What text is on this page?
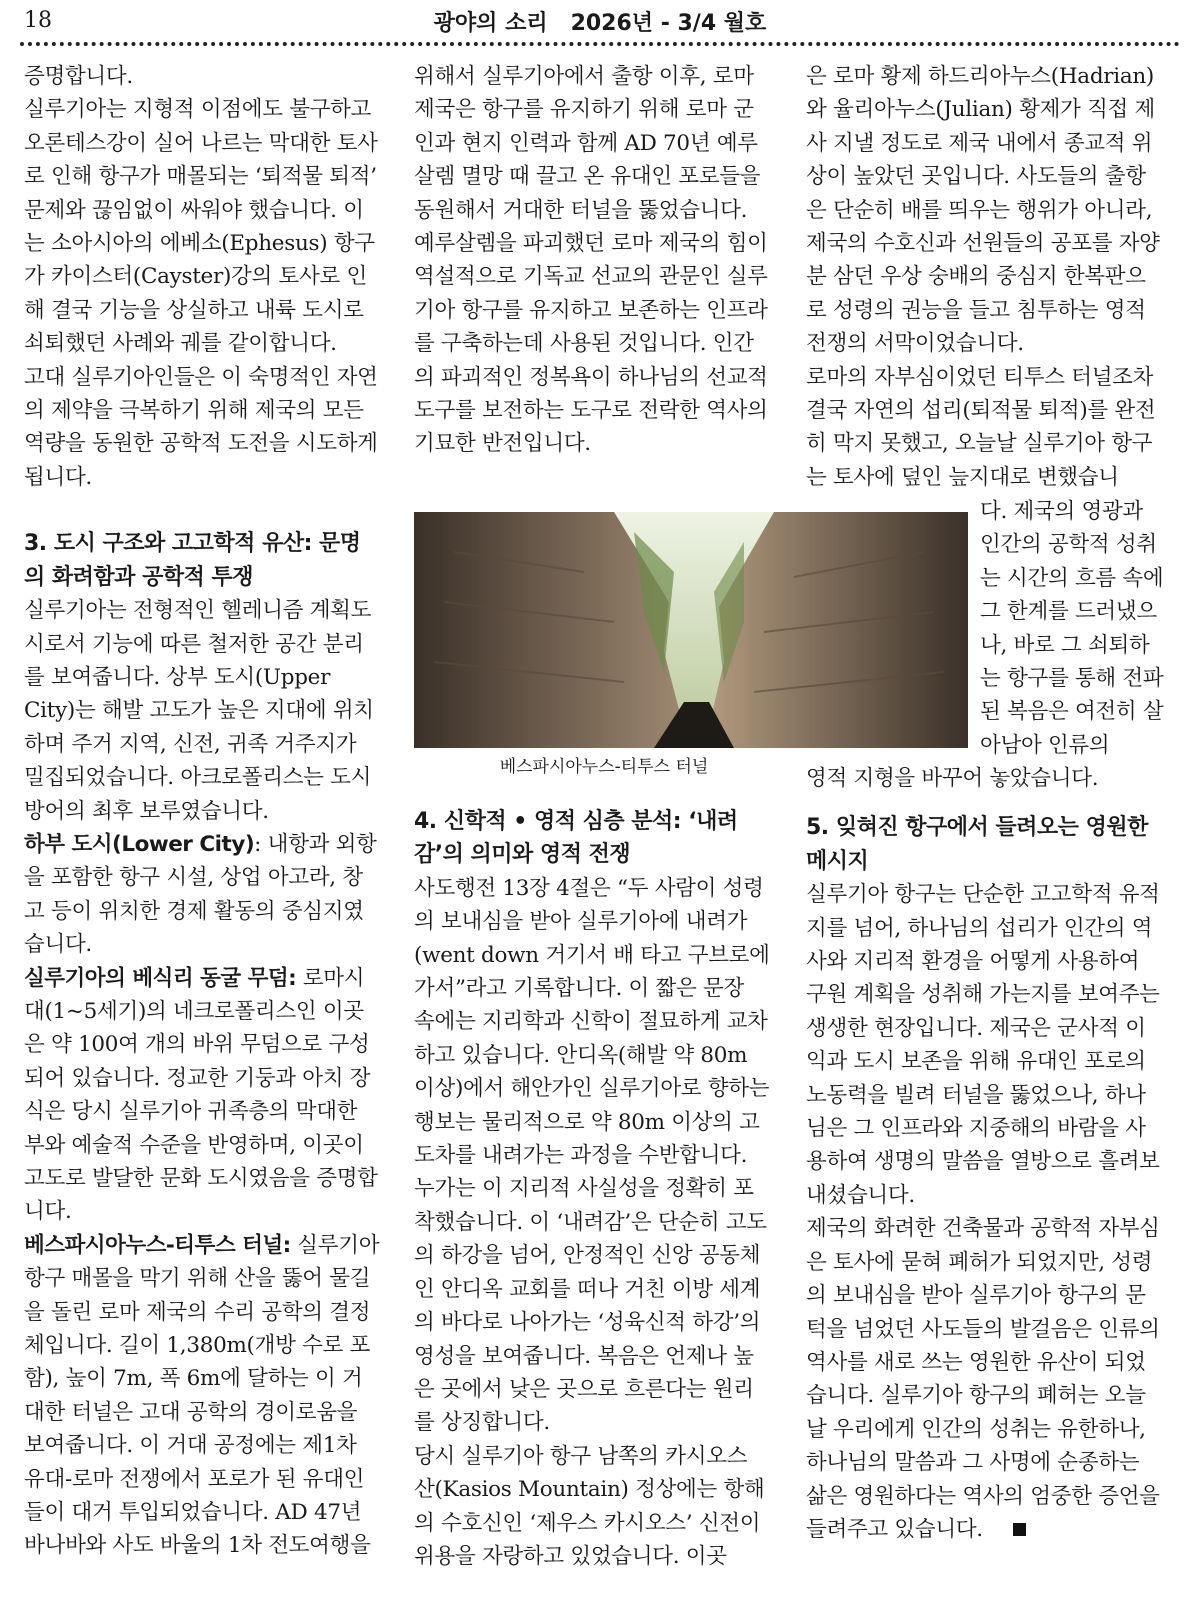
18	광야의 소리   2026년 - 3/4 월호

증명합니다.

실루기아는 지형적 이점에도 불구하고 오론테스강이 실어 나르는 막대한 토사로 인해 항구가 매몰되는 ‘퇴적물 퇴적’ 문제와 끊임없이 싸워야 했습니다. 이는 소아시아의 에베소(Ephesus) 항구가 카이스터(Cayster)강의 토사로 인해 결국 기능을 상실하고 내륙 도시로 쇠퇴했던 사례와 궤를 같이합니다.

고대 실루기아인들은 이 숙명적인 자연의 제약을 극복하기 위해 제국의 모든 역량을 동원한 공학적 도전을 시도하게 됩니다.

3. 도시 구조와 고고학적 유산: 문명의 화려함과 공학적 투쟁

실루기아는 전형적인 헬레니즘 계획도시로서 기능에 따른 철저한 공간 분리를 보여줍니다. 상부 도시(Upper City)는 해발 고도가 높은 지대에 위치하며 주거 지역, 신전, 귀족 거주지가 밀집되었습니다. 아크로폴리스는 도시 방어의 최후 보루였습니다.

하부 도시(Lower City): 내항과 외항을 포함한 항구 시설, 상업 아고라, 창고 등이 위치한 경제 활동의 중심지였습니다.

실루기아의 베식리 동굴 무덤: 로마시대(1~5세기)의 네크로폴리스인 이곳은 약 100여 개의 바위 무덤으로 구성되어 있습니다. 정교한 기둥과 아치 장식은 당시 실루기아 귀족층의 막대한 부와 예술적 수준을 반영하며, 이곳이 고도로 발달한 문화 도시였음을 증명합니다.

베스파시아누스-티투스 터널: 실루기아 항구 매몰을 막기 위해 산을 뚫어 물길을 돌린 로마 제국의 수리 공학의 결정체입니다. 길이 1,380m(개방 수로 포함), 높이 7m, 폭 6m에 달하는 이 거대한 터널은 고대 공학의 경이로움을 보여줍니다. 이 거대 공정에는 제1차 유대-로마 전쟁에서 포로가 된 유대인들이 대거 투입되었습니다. AD 47년 바나바와 사도 바울의 1차 전도여행을

위해서 실루기아에서 출항 이후, 로마 제국은 항구를 유지하기 위해 로마 군인과 현지 인력과 함께 AD 70년 예루살렘 멸망 때 끌고 온 유대인 포로들을 동원해서 거대한 터널을 뚫었습니다. 예루살렘을 파괴했던 로마 제국의 힘이 역설적으로 기독교 선교의 관문인 실루기아 항구를 유지하고 보존하는 인프라를 구축하는데 사용된 것입니다. 인간의 파괴적인 정복욕이 하나님의 선교적 도구를 보전하는 도구로 전락한 역사의 기묘한 반전입니다.

베스파시아누스-티투스 터널
4. 신학적 • 영적 심층 분석: ‘내려감’의 의미와 영적 전쟁

사도행전 13장 4절은 “두 사람이 성령의 보내심을 받아 실루기아에 내려가(went down 거기서 배 타고 구브로에 가서”라고 기록합니다. 이 짧은 문장 속에는 지리학과 신학이 절묘하게 교차하고 있습니다. 안디옥(해발 약 80m 이상)에서 해안가인 실루기아로 향하는 행보는 물리적으로 약 80m 이상의 고도차를 내려가는 과정을 수반합니다. 누가는 이 지리적 사실성을 정확히 포착했습니다. 이 ‘내려감’은 단순히 고도의 하강을 넘어, 안정적인 신앙 공동체인 안디옥 교회를 떠나 거친 이방 세계의 바다로 나아가는 ‘성육신적 하강’의 영성을 보여줍니다. 복음은 언제나 높은 곳에서 낮은 곳으로 흐른다는 원리를 상징합니다.

당시 실루기아 항구 남쪽의 카시오스 산(Kasios Mountain) 정상에는 항해의 수호신인 ‘제우스 카시오스’ 신전이 위용을 자랑하고 있었습니다. 이곳

은 로마 황제 하드리아누스(Hadrian)와 율리아누스(Julian) 황제가 직접 제사 지낼 정도로 제국 내에서 종교적 위상이 높았던 곳입니다. 사도들의 출항은 단순히 배를 띄우는 행위가 아니라, 제국의 수호신과 선원들의 공포를 자양분 삼던 우상 숭배의 중심지 한복판으로 성령의 권능을 들고 침투하는 영적 전쟁의 서막이었습니다.

로마의 자부심이었던 티투스 터널조차 결국 자연의 섭리(퇴적물 퇴적)를 완전히 막지 못했고, 오늘날 실루기아 항구는 토사에 덮인 늪지대로 변했습니

다. 제국의 영광과 인간의 공학적 성취는 시간의 흐름 속에 그 한계를 드러냈으나, 바로 그 쇠퇴하는 항구를 통해 전파된 복음은 여전히 살아남아 인류의

영적 지형을 바꾸어 놓았습니다.

5. 잊혀진 항구에서 들려오는 영원한 메시지

실루기아 항구는 단순한 고고학적 유적지를 넘어, 하나님의 섭리가 인간의 역사와 지리적 환경을 어떻게 사용하여 구원 계획을 성취해 가는지를 보여주는 생생한 현장입니다. 제국은 군사적 이익과 도시 보존을 위해 유대인 포로의 노동력을 빌려 터널을 뚫었으나, 하나님은 그 인프라와 지중해의 바람을 사용하여 생명의 말씀을 열방으로 흘려보내셨습니다.

제국의 화려한 건축물과 공학적 자부심은 토사에 묻혀 폐허가 되었지만, 성령의 보내심을 받아 실루기아 항구의 문턱을 넘었던 사도들의 발걸음은 인류의 역사를 새로 쓰는 영원한 유산이 되었습니다. 실루기아 항구의 폐허는 오늘날 우리에게 인간의 성취는 유한하나, 하나님의 말씀과 그 사명에 순종하는 삶은 영원하다는 역사의 엄중한 증언을 들려주고 있습니다.
